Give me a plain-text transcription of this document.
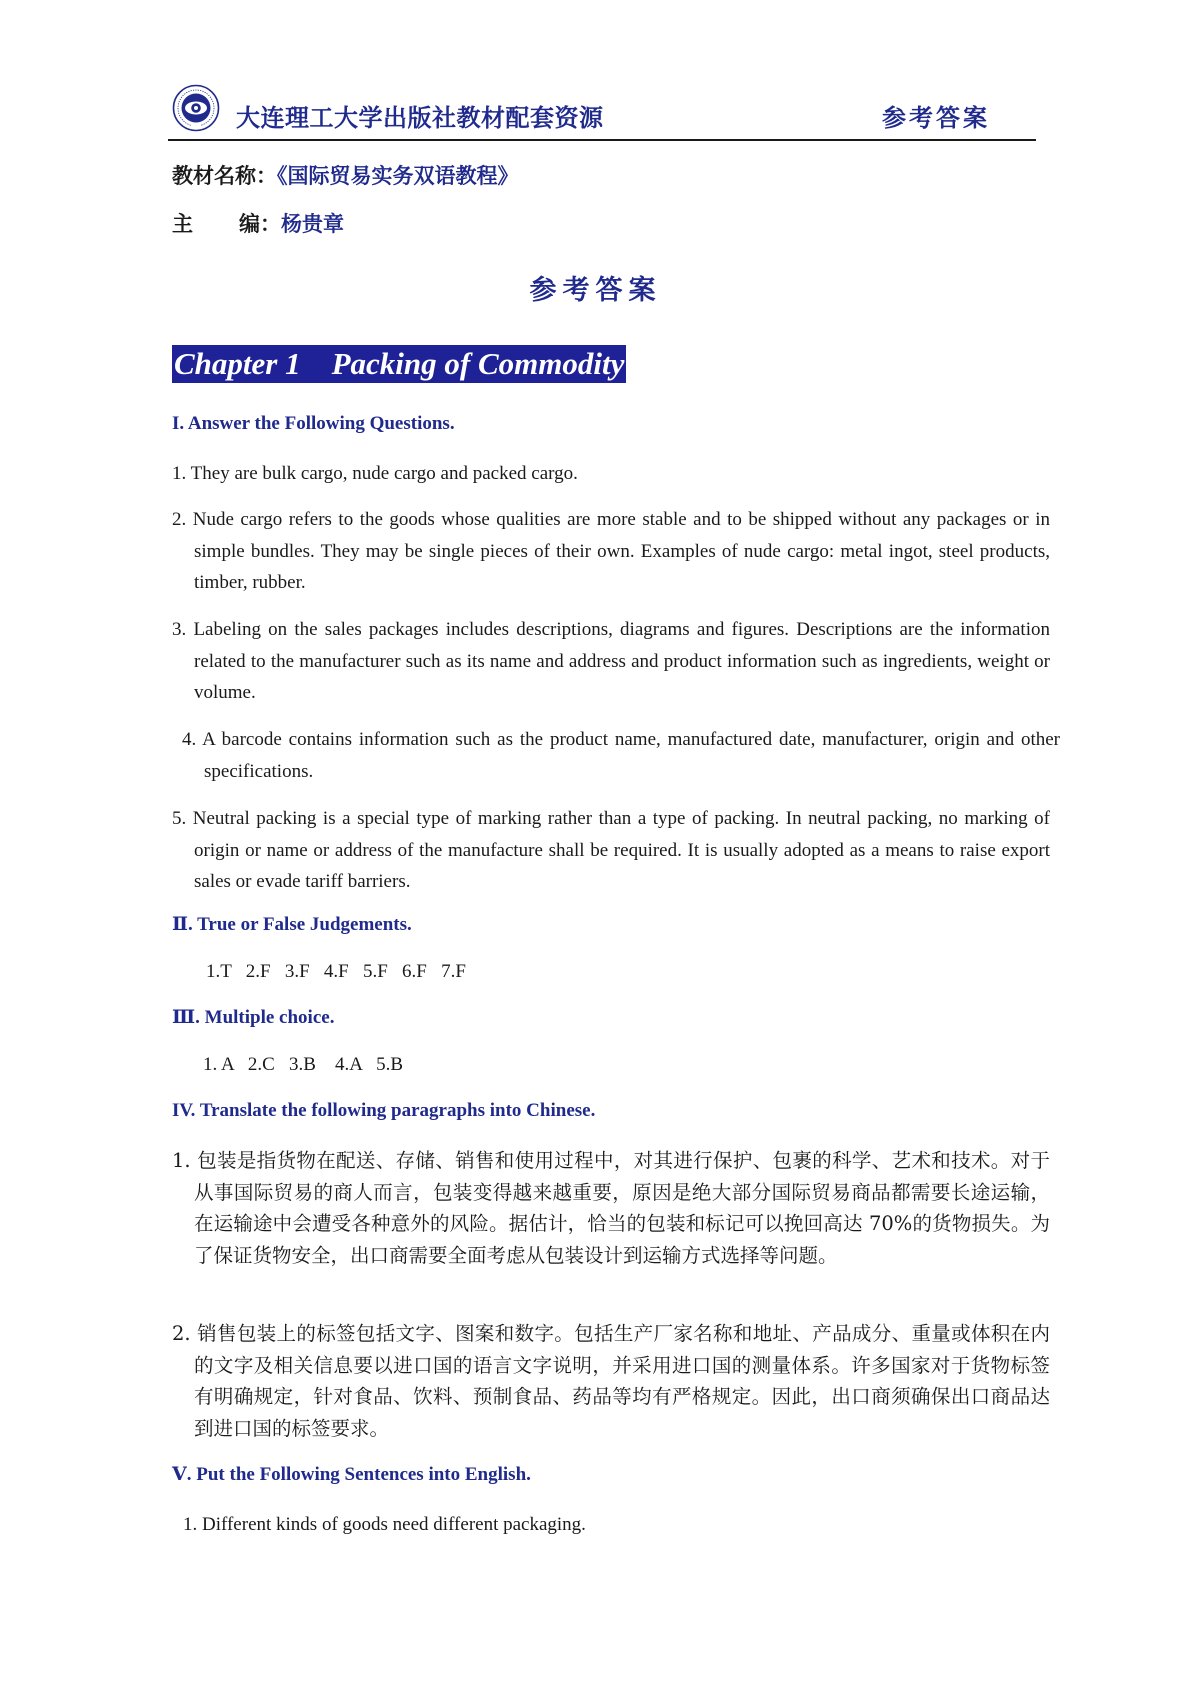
大连理工大学出版社教材配套资源	参考答案
教材名称：《国际贸易实务双语教程》
主 编：杨贵章
参考答案
Chapter 1    Packing of Commodity
I. Answer the Following Questions.
1. They are bulk cargo, nude cargo and packed cargo.
2. Nude cargo refers to the goods whose qualities are more stable and to be shipped without any packages or in simple bundles. They may be single pieces of their own. Examples of nude cargo: metal ingot, steel products, timber, rubber.
3. Labeling on the sales packages includes descriptions, diagrams and figures. Descriptions are the information related to the manufacturer such as its name and address and product information such as ingredients, weight or volume.
4. A barcode contains information such as the product name, manufactured date, manufacturer, origin and other specifications.
5. Neutral packing is a special type of marking rather than a type of packing. In neutral packing, no marking of origin or name or address of the manufacture shall be required. It is usually adopted as a means to raise export sales or evade tariff barriers.
Ⅱ. True or False Judgements.
1.T   2.F   3.F   4.F   5.F   6.F   7.F
Ⅲ. Multiple choice.
1. A   2.C   3.B    4.A   5.B
IV. Translate the following paragraphs into Chinese.
1. 包装是指货物在配送、存储、销售和使用过程中，对其进行保护、包裹的科学、艺术和技术。对于从事国际贸易的商人而言，包装变得越来越重要，原因是绝大部分国际贸易商品都需要长途运输，在运输途中会遭受各种意外的风险。据估计，恰当的包装和标记可以挽回高达 70%的货物损失。为了保证货物安全，出口商需要全面考虑从包装设计到运输方式选择等问题。
2. 销售包装上的标签包括文字、图案和数字。包括生产厂家名称和地址、产品成分、重量或体积在内的文字及相关信息要以进口国的语言文字说明，并采用进口国的测量体系。许多国家对于货物标签有明确规定，针对食品、饮料、预制食品、药品等均有严格规定。因此，出口商须确保出口商品达到进口国的标签要求。
Ⅴ. Put the Following Sentences into English.
1. Different kinds of goods need different packaging.
